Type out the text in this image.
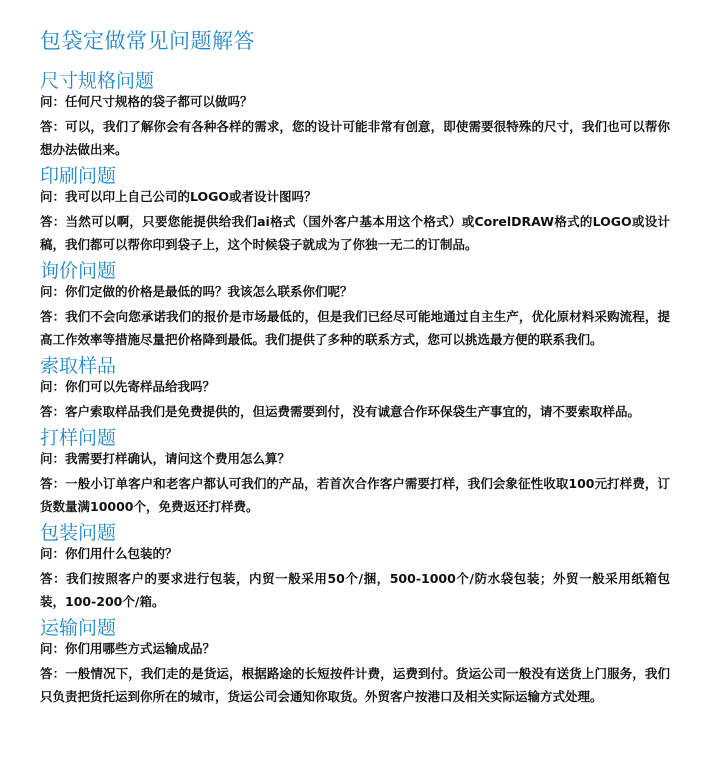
包袋定做常见问题解答
尺寸规格问题

问：任何尺寸规格的袋子都可以做吗？

答：可以，我们了解你会有各种各样的需求，您的设计可能非常有创意，即使需要很特殊的尺寸，我们也可以帮你想办法做出来。

印刷问题

问：我可以印上自己公司的LOGO或者设计图吗？

答：当然可以啊，只要您能提供给我们ai格式（国外客户基本用这个格式）或CorelDRAW格式的LOGO或设计稿，我们都可以帮你印到袋子上，这个时候袋子就成为了你独一无二的订制品。

询价问题

问：你们定做的价格是最低的吗？我该怎么联系你们呢？

答：我们不会向您承诺我们的报价是市场最低的，但是我们已经尽可能地通过自主生产，优化原材料采购流程，提高工作效率等措施尽量把价格降到最低。我们提供了多种的联系方式，您可以挑选最方便的联系我们。

索取样品

问：你们可以先寄样品给我吗？

答：客户索取样品我们是免费提供的，但运费需要到付，没有诚意合作环保袋生产事宜的，请不要索取样品。

打样问题

问：我需要打样确认，请问这个费用怎么算？

答：一般小订单客户和老客户都认可我们的产品，若首次合作客户需要打样，我们会象征性收取100元打样费，订货数量满10000个，免费返还打样费。

包装问题

问：你们用什么包装的？

答：我们按照客户的要求进行包装，内贸一般采用50个/捆，500-1000个/防水袋包装；外贸一般采用纸箱包装，100-200个/箱。

运输问题

问：你们用哪些方式运输成品？

答：一般情况下，我们走的是货运，根据路途的长短按件计费，运费到付。货运公司一般没有送货上门服务，我们只负责把货托运到你所在的城市，货运公司会通知你取货。外贸客户按港口及相关实际运输方式处理。
